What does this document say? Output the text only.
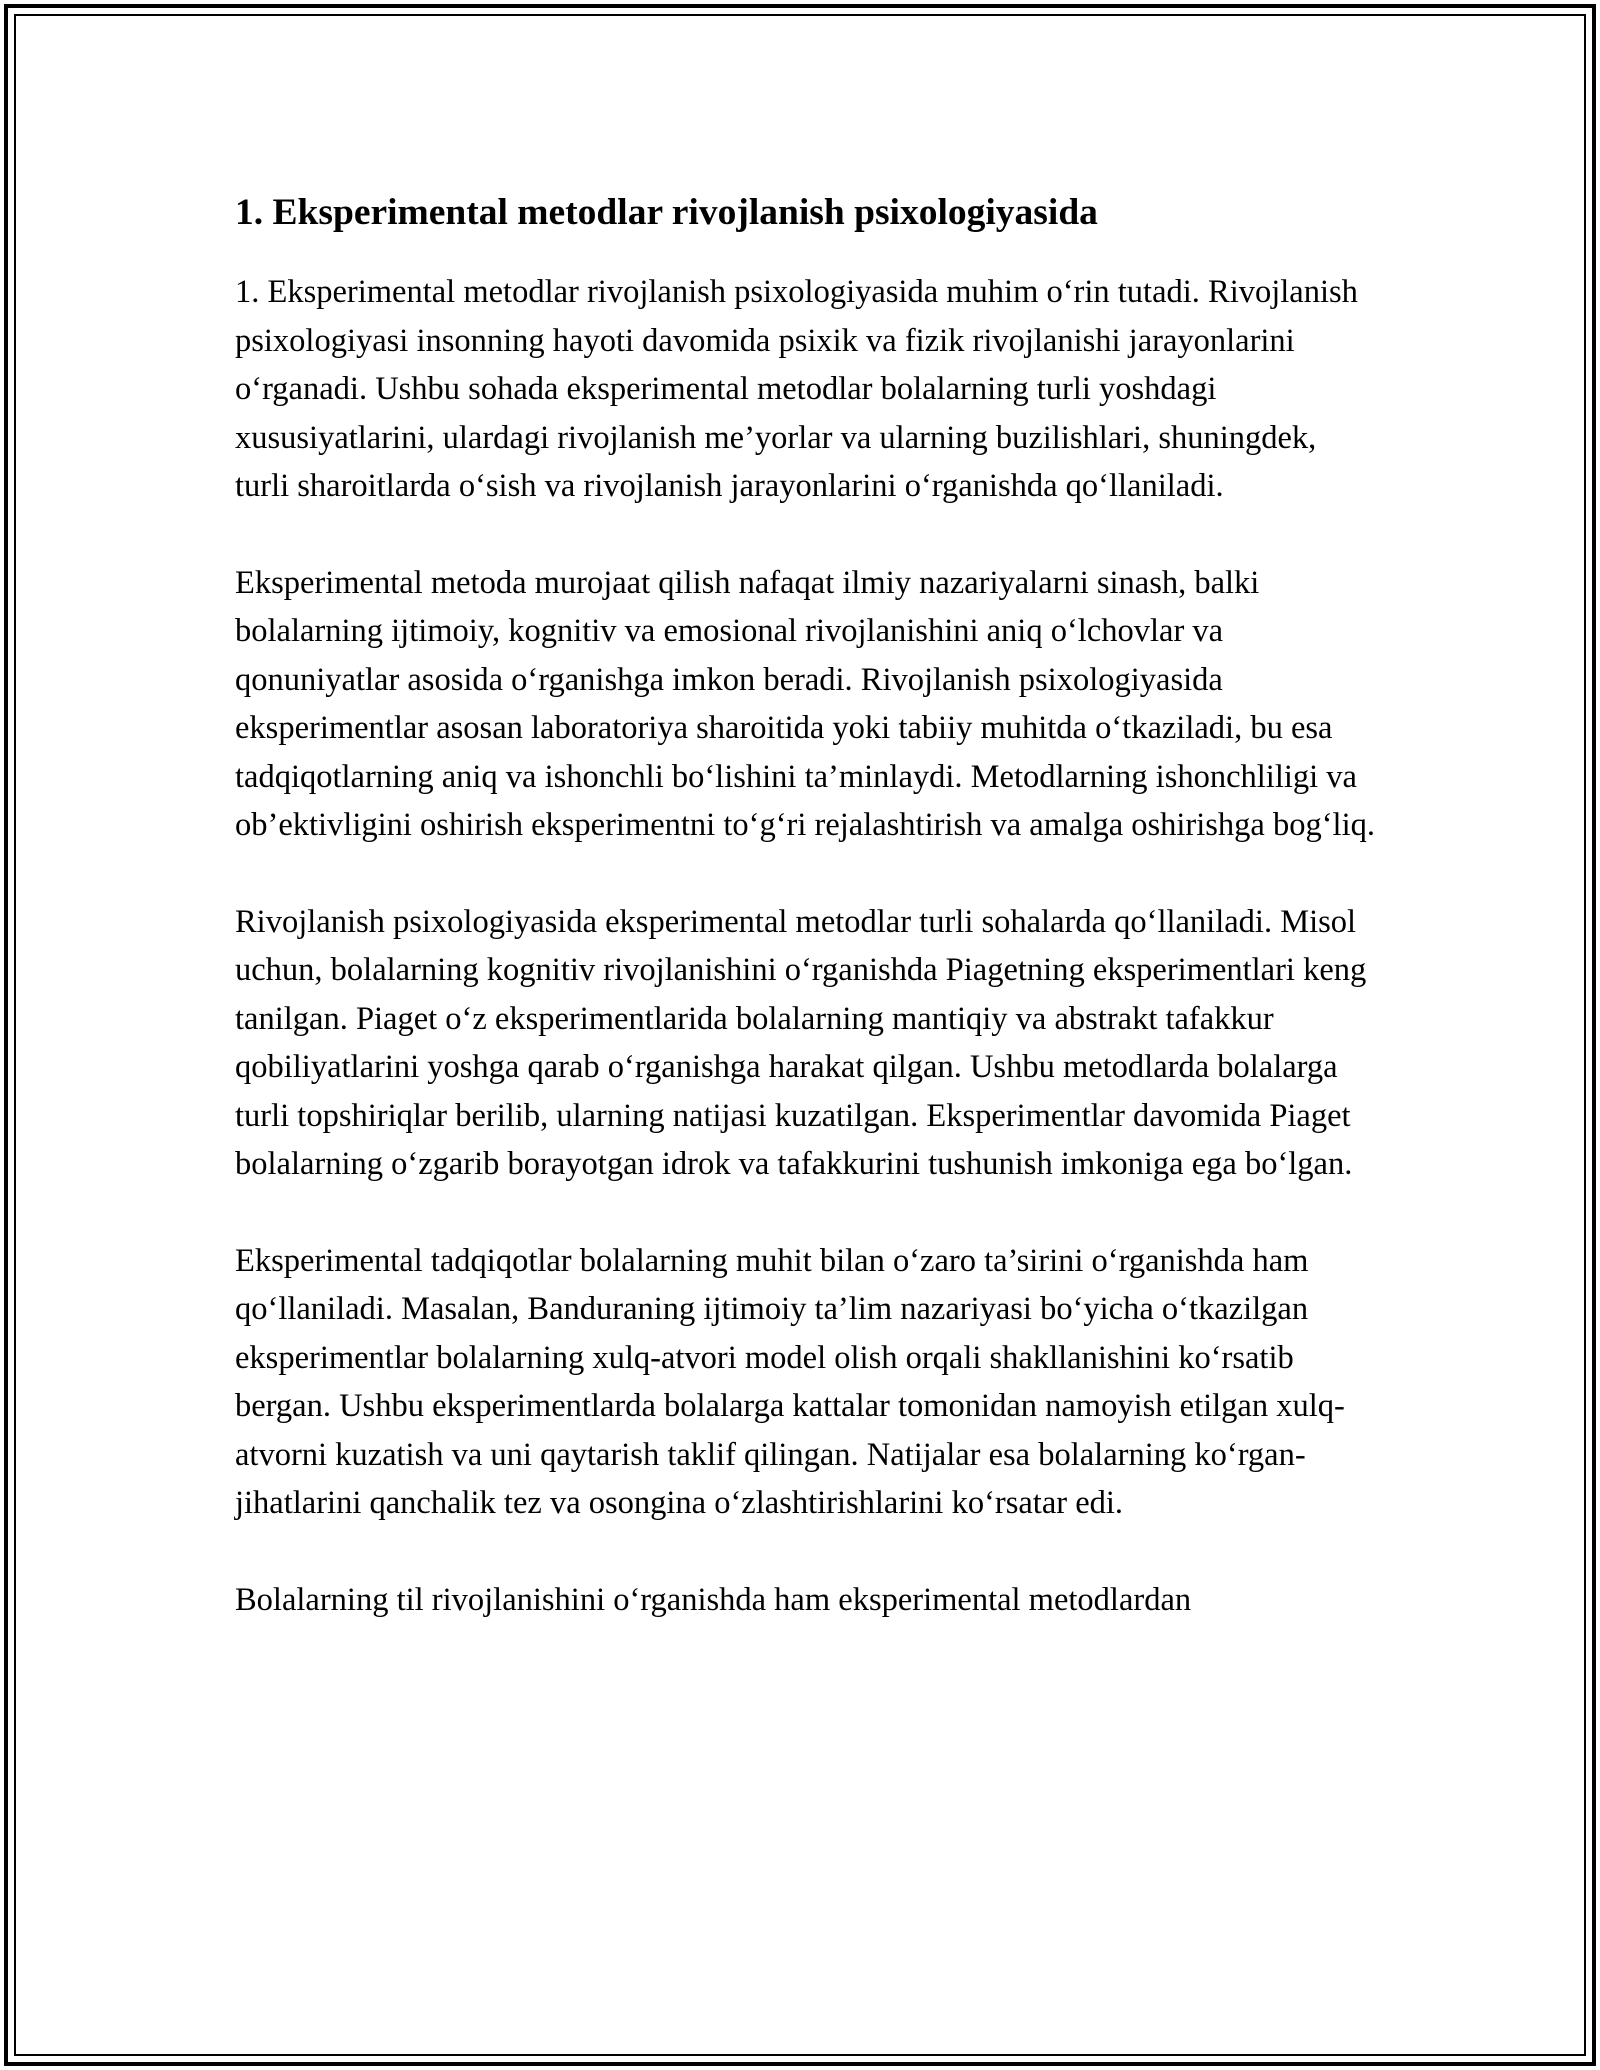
1. Eksperimental metodlar rivojlanish psixologiyasida

1. Eksperimental metodlar rivojlanish psixologiyasida muhim o‘rin tutadi. Rivojlanish psixologiyasi insonning hayoti davomida psixik va fizik rivojlanishi jarayonlarini o‘rganadi. Ushbu sohada eksperimental metodlar bolalarning turli yoshdagi xususiyatlarini, ulardagi rivojlanish me’yorlar va ularning buzilishlari, shuningdek, turli sharoitlarda o‘sish va rivojlanish jarayonlarini o‘rganishda qo‘llaniladi.

Eksperimental metoda murojaat qilish nafaqat ilmiy nazariyalarni sinash, balki bolalarning ijtimoiy, kognitiv va emosional rivojlanishini aniq o‘lchovlar va qonuniyatlar asosida o‘rganishga imkon beradi. Rivojlanish psixologiyasida eksperimentlar asosan laboratoriya sharoitida yoki tabiiy muhitda o‘tkaziladi, bu esa tadqiqotlarning aniq va ishonchli bo‘lishini ta’minlaydi. Metodlarning ishonchliligi va ob’ektivligini oshirish eksperimentni to‘g‘ri rejalashtirish va amalga oshirishga bog‘liq.

Rivojlanish psixologiyasida eksperimental metodlar turli sohalarda qo‘llaniladi. Misol uchun, bolalarning kognitiv rivojlanishini o‘rganishda Piagetning eksperimentlari keng tanilgan. Piaget o‘z eksperimentlarida bolalarning mantiqiy va abstrakt tafakkur qobiliyatlarini yoshga qarab o‘rganishga harakat qilgan. Ushbu metodlarda bolalarga turli topshiriqlar berilib, ularning natijasi kuzatilgan. Eksperimentlar davomida Piaget bolalarning o‘zgarib borayotgan idrok va tafakkurini tushunish imkoniga ega bo‘lgan.

Eksperimental tadqiqotlar bolalarning muhit bilan o‘zaro ta’sirini o‘rganishda ham qo‘llaniladi. Masalan, Banduraning ijtimoiy ta’lim nazariyasi bo‘yicha o‘tkazilgan eksperimentlar bolalarning xulq-atvori model olish orqali shakllanishini ko‘rsatib bergan. Ushbu eksperimentlarda bolalarga kattalar tomonidan namoyish etilgan xulq-atvorni kuzatish va uni qaytarish taklif qilingan. Natijalar esa bolalarning ko‘rgan-jihatlarini qanchalik tez va osongina o‘zlashtirishlarini ko‘rsatar edi.

Bolalarning til rivojlanishini o‘rganishda ham eksperimental metodlardan
